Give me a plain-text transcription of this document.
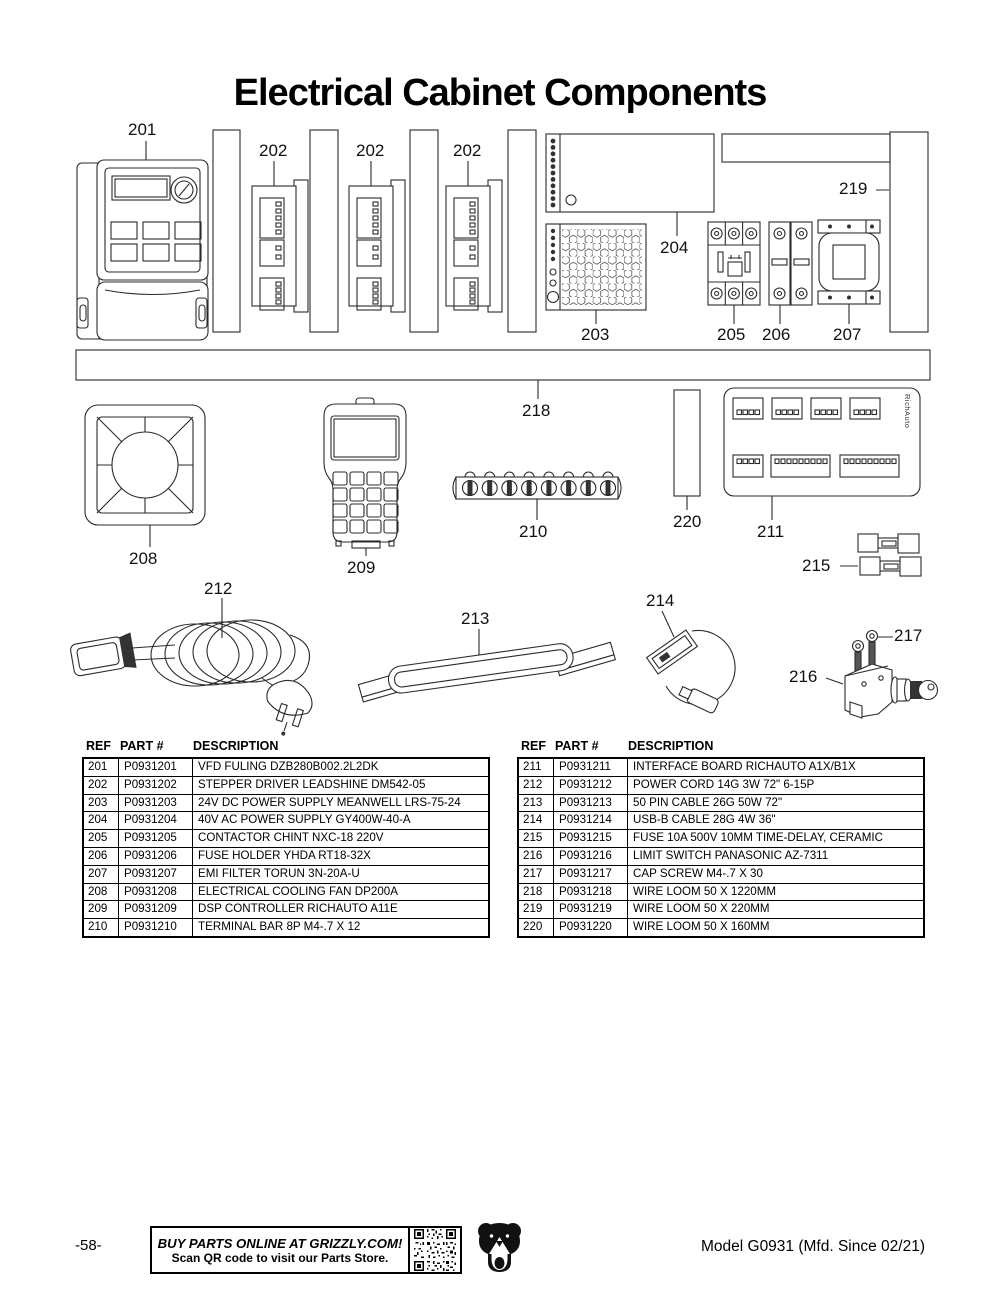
Electrical Cabinet Components
201
202	202	202
203
204
205 206	207
208	209
210	211
212
213
214
215
216
217
218
219
220
RichAuto
REF PART #	DESCRIPTION
201	P0931201	VFD FULING DZB280B002.2L2DK
202	P0931202	STEPPER DRIVER LEADSHINE DM542-05
203	P0931203	24V DC POWER SUPPLY MEANWELL LRS-75-24
204	P0931204	40V AC POWER SUPPLY GY400W-40-A
205	P0931205	CONTACTOR CHINT NXC-18 220V
206	P0931206	FUSE HOLDER YHDA RT18-32X
207	P0931207	EMI FILTER TORUN 3N-20A-U
208	P0931208	ELECTRICAL COOLING FAN DP200A
209	P0931209	DSP CONTROLLER RICHAUTO A11E
210	P0931210	TERMINAL BAR 8P M4-.7 X 12
REF PART #	DESCRIPTION
211	P0931211	INTERFACE BOARD RICHAUTO A1X/B1X
212	P0931212	POWER CORD 14G 3W 72" 6-15P
213	P0931213	50 PIN CABLE 26G 50W 72"
214	P0931214	USB-B CABLE 28G 4W 36"
215	P0931215	FUSE 10A 500V 10MM TIME-DELAY, CERAMIC
216	P0931216	LIMIT SWITCH PANASONIC AZ-7311
217	P0931217	CAP SCREW M4-.7 X 30
218	P0931218	WIRE LOOM 50 X 1220MM
219	P0931219	WIRE LOOM 50 X 220MM
220	P0931220	WIRE LOOM 50 X 160MM
-58-	BUY PARTS ONLINE AT GRIZZLY.COM!
Scan QR code to visit our Parts Store.
Model G0931 (Mfd. Since 02/21)
